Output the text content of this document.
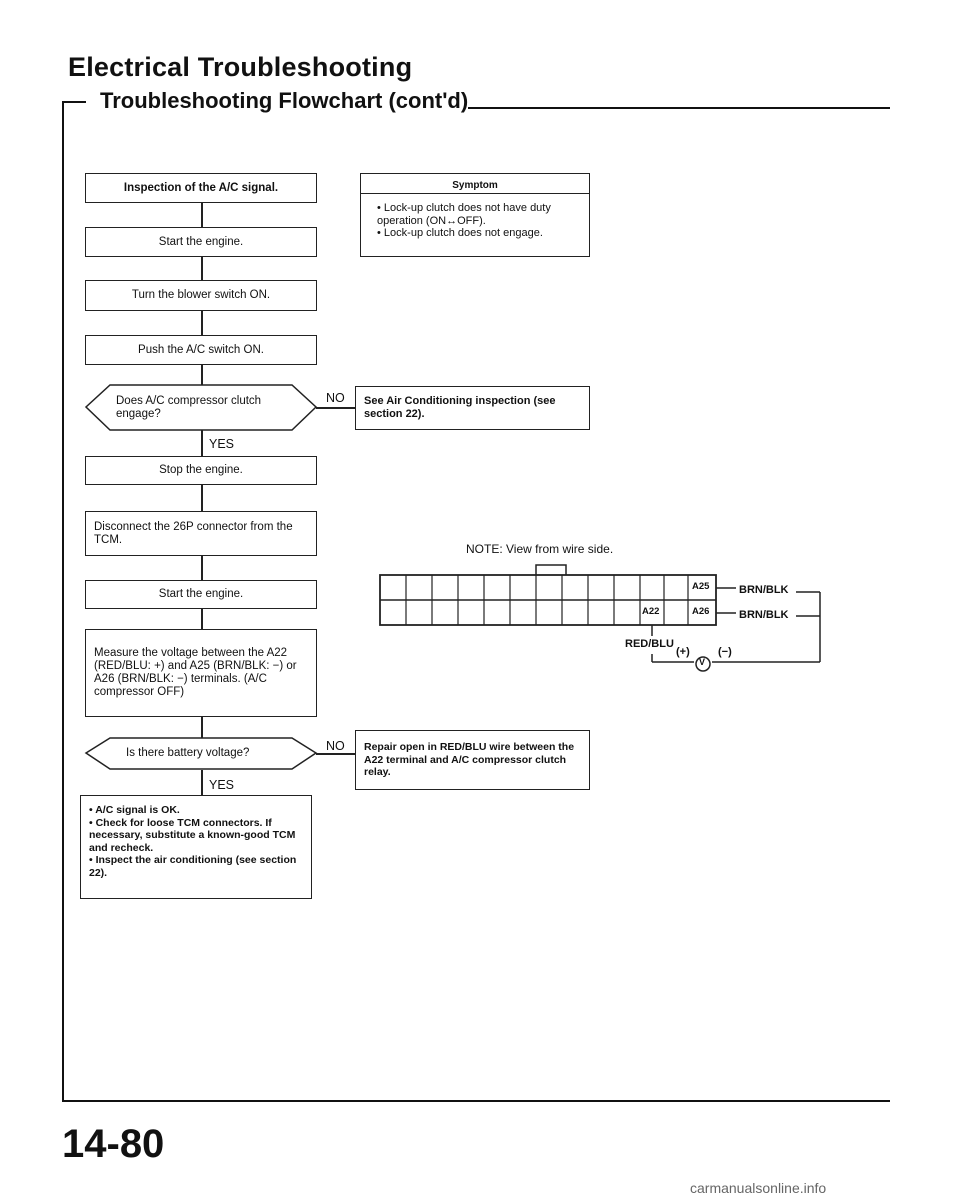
Electrical Troubleshooting
Troubleshooting Flowchart (cont'd)
Inspection of the A/C signal.
Start the engine.
Turn the blower switch ON.
Push the A/C switch ON.
Does A/C compressor clutch engage?
NO
YES
See Air Conditioning inspection (see section 22).
Stop the engine.
Disconnect the 26P connector from the TCM.
Start the engine.
Measure the voltage between the A22 (RED/BLU: +) and A25 (BRN/BLK: −) or A26 (BRN/BLK: −) terminals. (A/C compressor OFF)
Is there battery voltage?	NO
YES
Repair open in RED/BLU wire between the A22 terminal and A/C compressor clutch relay.
• A/C signal is OK.
• Check for loose TCM connectors. If necessary, substitute a known-good TCM and recheck.
• Inspect the air conditioning (see section 22).
Symptom
• Lock-up clutch does not have duty operation (ON↔OFF).
• Lock-up clutch does not engage.
NOTE: View from wire side.
A25
A26
A22
BRN/BLK
BRN/BLK
RED/BLU
(+)	(−)
V
14-80
carmanualsonline.info
